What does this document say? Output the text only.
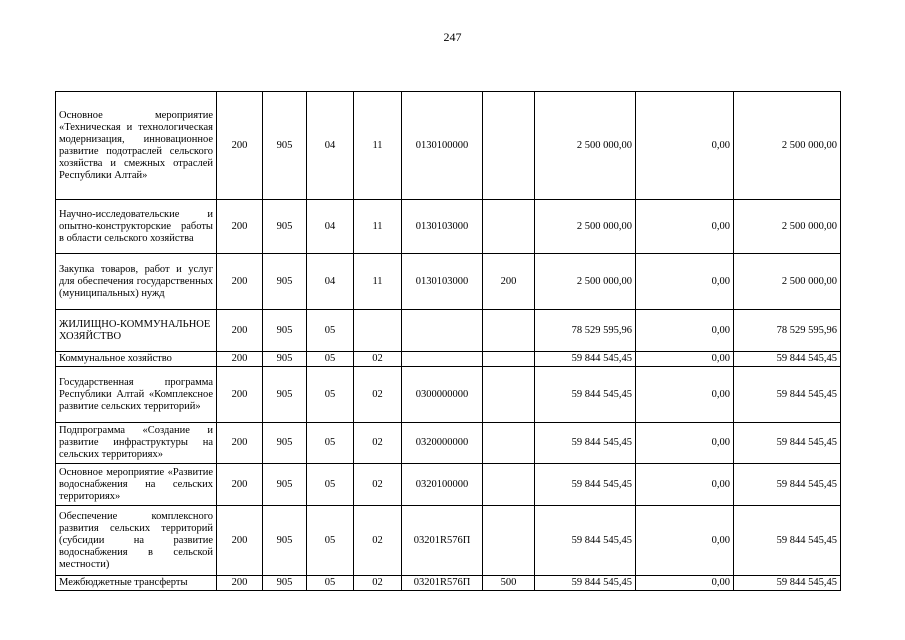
247
Основное мероприятие «Техническая и технологическая модернизация, инновационное развитие подотраслей сельского хозяйства и смежных отраслей Республики Алтай»	200	905	04	11	0130100000		2 500 000,00	0,00	2 500 000,00
Научно-исследовательские и опытно-конструкторские работы в области сельского хозяйства	200	905	04	11	0130103000		2 500 000,00	0,00	2 500 000,00
Закупка товаров, работ и услуг для обеспечения государственных (муниципальных) нужд	200	905	04	11	0130103000	200	2 500 000,00	0,00	2 500 000,00
ЖИЛИЩНО-КОММУНАЛЬНОЕ ХОЗЯЙСТВО	200	905	05				78 529 595,96	0,00	78 529 595,96
Коммунальное хозяйство	200	905	05	02			59 844 545,45	0,00	59 844 545,45
Государственная программа Республики Алтай «Комплексное развитие сельских территорий»	200	905	05	02	0300000000		59 844 545,45	0,00	59 844 545,45
Подпрограмма «Создание и развитие инфраструктуры на сельских территориях»	200	905	05	02	0320000000		59 844 545,45	0,00	59 844 545,45
Основное мероприятие «Развитие водоснабжения на сельских территориях»	200	905	05	02	0320100000		59 844 545,45	0,00	59 844 545,45
Обеспечение комплексного развития сельских территорий (субсидии на развитие водоснабжения в сельской местности)	200	905	05	02	03201R576П		59 844 545,45	0,00	59 844 545,45
Межбюджетные трансферты	200	905	05	02	03201R576П	500	59 844 545,45	0,00	59 844 545,45
